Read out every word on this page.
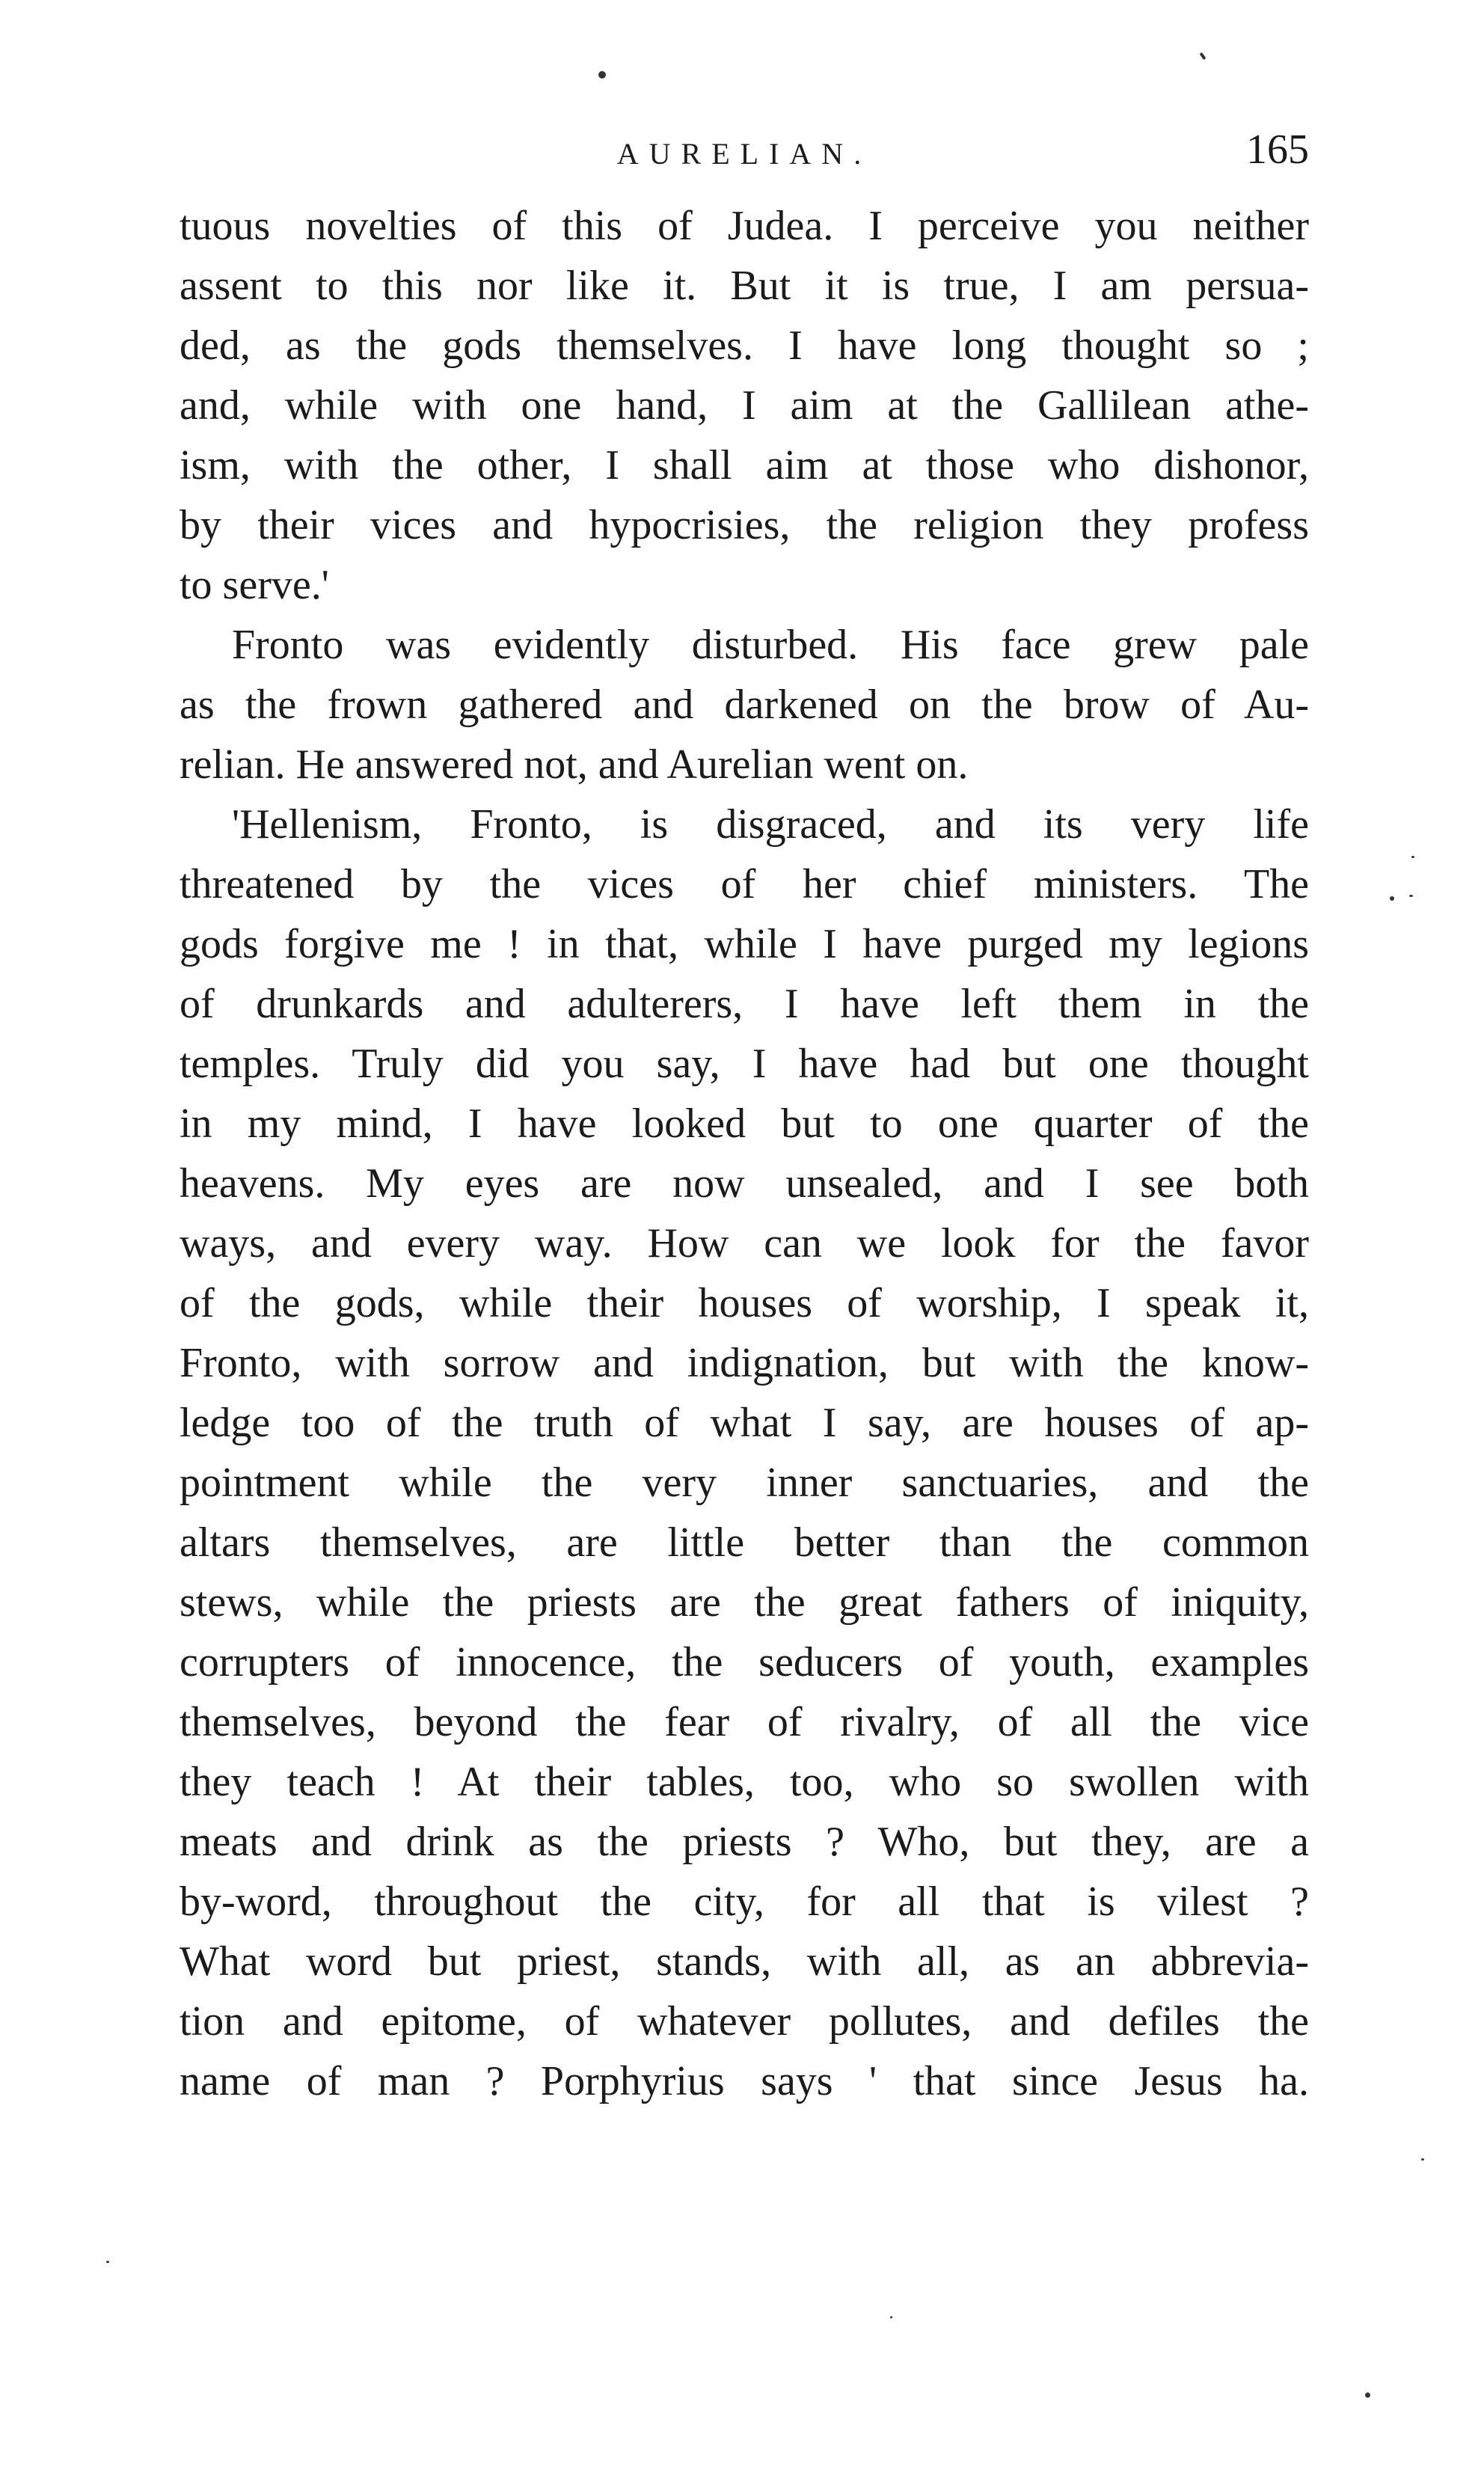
AURELIAN.	165
tuous novelties of this of Judea. I perceive you neither
assent to this nor like it. But it is true, I am persua-
ded, as the gods themselves. I have long thought so ;
and, while with one hand, I aim at the Gallilean athe-
ism, with the other, I shall aim at those who dishonor,
by their vices and hypocrisies, the religion they profess
to serve.'
Fronto was evidently disturbed. His face grew pale
as the frown gathered and darkened on the brow of Au-
relian. He answered not, and Aurelian went on.
'Hellenism, Fronto, is disgraced, and its very life
threatened by the vices of her chief ministers. The
gods forgive me ! in that, while I have purged my legions
of drunkards and adulterers, I have left them in the
temples. Truly did you say, I have had but one thought
in my mind, I have looked but to one quarter of the
heavens. My eyes are now unsealed, and I see both
ways, and every way. How can we look for the favor
of the gods, while their houses of worship, I speak it,
Fronto, with sorrow and indignation, but with the know-
ledge too of the truth of what I say, are houses of ap-
pointment while the very inner sanctuaries, and the
altars themselves, are little better than the common
stews, while the priests are the great fathers of iniquity,
corrupters of innocence, the seducers of youth, examples
themselves, beyond the fear of rivalry, of all the vice
they teach ! At their tables, too, who so swollen with
meats and drink as the priests ? Who, but they, are a
by-word, throughout the city, for all that is vilest ?
What word but priest, stands, with all, as an abbrevia-
tion and epitome, of whatever pollutes, and defiles the
name of man ? Porphyrius says ' that since Jesus ha.
